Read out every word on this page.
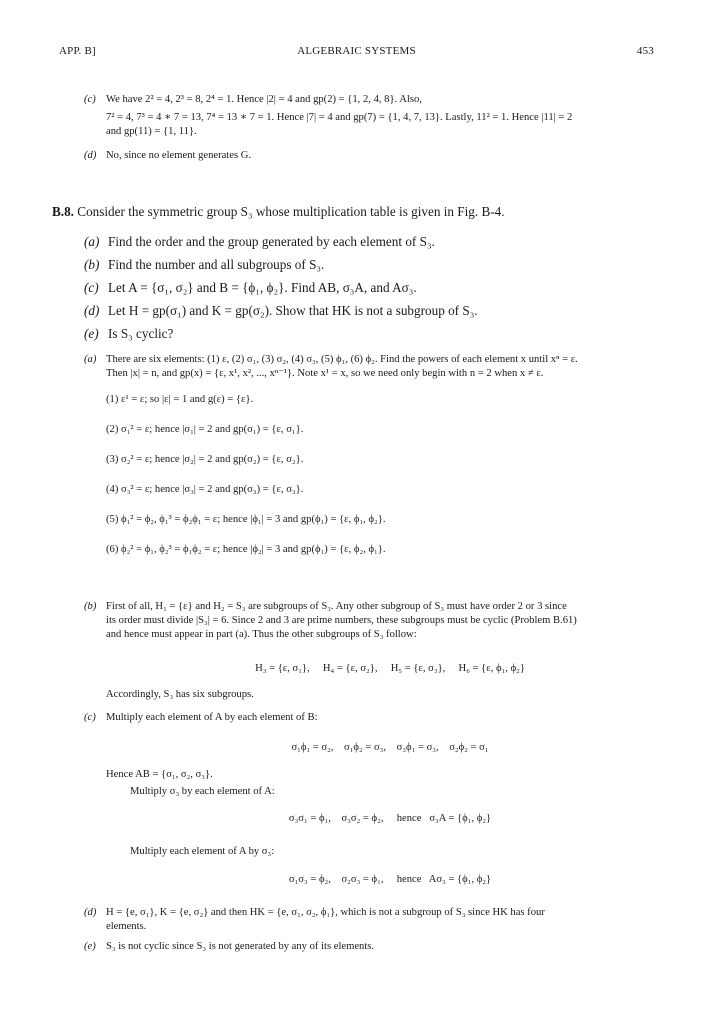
APP. B]	ALGEBRAIC SYSTEMS	453
(c) We have 2² = 4, 2³ = 8, 2⁴ = 1. Hence |2| = 4 and gp(2) = {1, 2, 4, 8}. Also,
7² = 4, 7³ = 4 ∗ 7 = 13, 7⁴ = 13 ∗ 7 = 1. Hence |7| = 4 and gp(7) = {1, 4, 7, 13}. Lastly, 11² = 1. Hence |11| = 2
and gp(11) = {1, 11}.
(d) No, since no element generates G.
B.8. Consider the symmetric group S₃ whose multiplication table is given in Fig. B-4.
(a) Find the order and the group generated by each element of S₃.
(b) Find the number and all subgroups of S₃.
(c) Let A = {σ₁, σ₂} and B = {ϕ₁, ϕ₂}. Find AB, σ₃A, and Aσ₃.
(d) Let H = gp(σ₁) and K = gp(σ₂). Show that HK is not a subgroup of S₃.
(e) Is S₃ cyclic?
(a) There are six elements: (1) ε, (2) σ₁, (3) σ₂, (4) σ₃, (5) ϕ₁, (6) ϕ₂. Find the powers of each element x until xⁿ = ε.
Then |x| = n, and gp(x) = {ε, x¹, x², ..., xⁿ⁻¹}. Note x¹ = x, so we need only begin with n = 2 when x ≠ ε.
(1) ε¹ = ε; so |ε| = 1 and g(ε) = {ε}.
(2) σ₁² = ε; hence |σ₁| = 2 and gp(σ₁) = {ε, σ₁}.
(3) σ₂² = ε; hence |σ₂| = 2 and gp(σ₂) = {ε, σ₂}.
(4) σ₃² = ε; hence |σ₃| = 2 and gp(σ₃) = {ε, σ₃}.
(5) ϕ₁² = ϕ₂, ϕ₁³ = ϕ₂ϕ₁ = ε; hence |ϕ₁| = 3 and gp(ϕ₁) = {ε, ϕ₁, ϕ₂}.
(6) ϕ₂² = ϕ₁, ϕ₂³ = ϕ₁ϕ₂ = ε; hence |ϕ₂| = 3 and gp(ϕ₁) = {ε, ϕ₂, ϕ₁}.
(b) First of all, H₁ = {ε} and H₂ = S₃ are subgroups of S₃. Any other subgroup of S₃ must have order 2 or 3 since
its order must divide |S₃| = 6. Since 2 and 3 are prime numbers, these subgroups must be cyclic (Problem B.61)
and hence must appear in part (a). Thus the other subgroups of S₃ follow:
H₃ = {ε, σ₁},     H₄ = {ε, σ₂},     H₅ = {ε, σ₃},     H₆ = {ε, ϕ₁, ϕ₂}
Accordingly, S₃ has six subgroups.
(c) Multiply each element of A by each element of B:
σ₁ϕ₁ = σ₂,    σ₁ϕ₂ = σ₃,    σ₃ϕ₁ = σ₃,    σ₂ϕ₂ = σ₁
Hence AB = {σ₁, σ₂, σ₃}.
Multiply σ₃ by each element of A:
σ₃σ₁ = ϕ₁,    σ₃σ₂ = ϕ₂,     hence   σ₃A = {ϕ₁, ϕ₂}
Multiply each element of A by σ₃:
σ₁σ₃ = ϕ₂,    σ₂σ₃ = ϕ₁,     hence   Aσ₃ = {ϕ₁, ϕ₂}
(d) H = {e, σ₁}, K = {e, σ₂} and then HK = {e, σ₁, σ₂, ϕ₁}, which is not a subgroup of S₃ since HK has four
elements.
(e) S₃ is not cyclic since S₃ is not generated by any of its elements.
